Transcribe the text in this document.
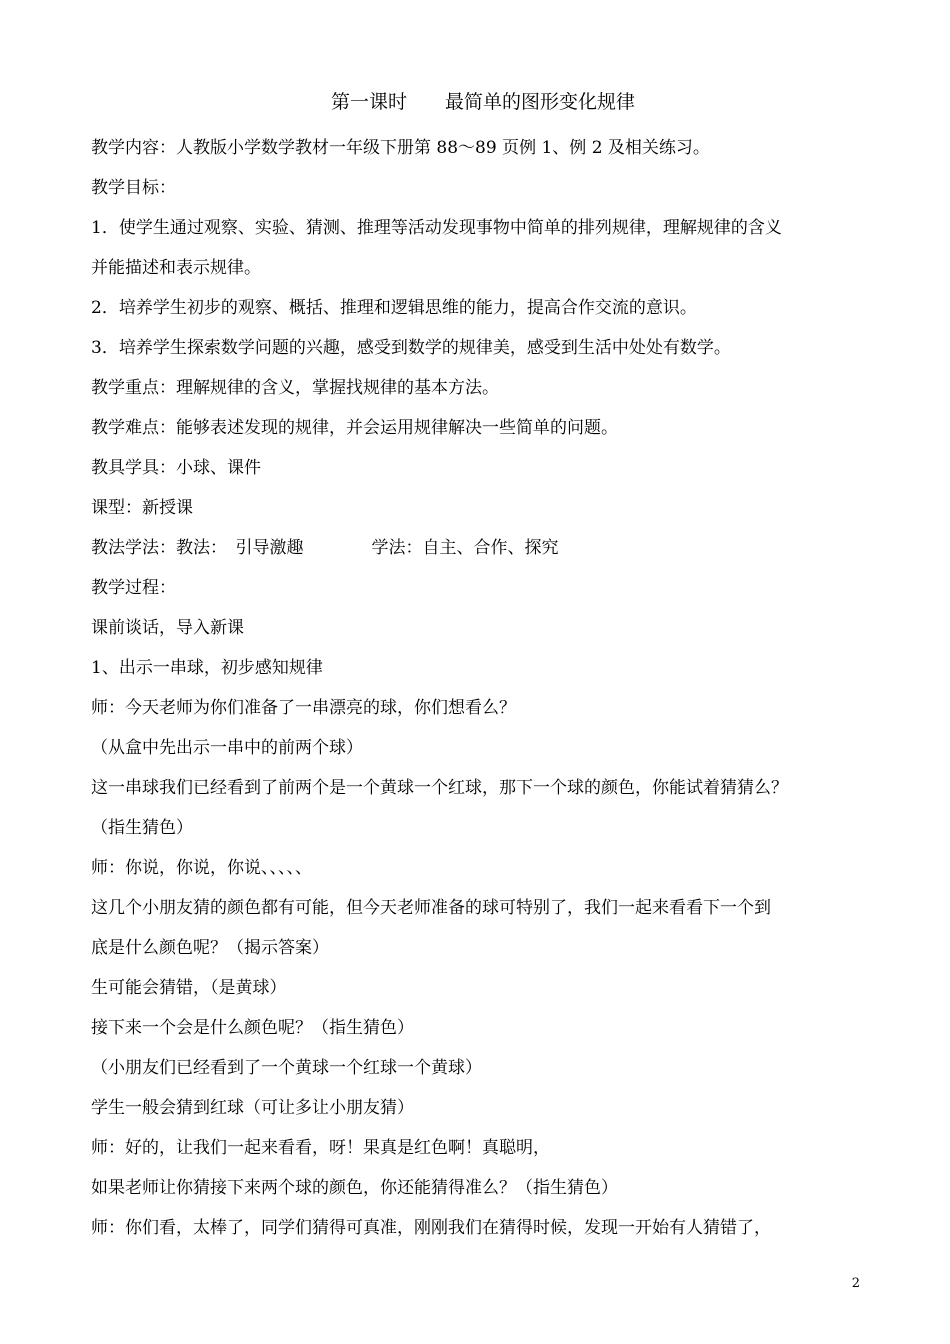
第一课时　　最简单的图形变化规律
教学内容：人教版小学数学教材一年级下册第 88～89 页例 1、例 2 及相关练习。
教学目标：
1．使学生通过观察、实验、猜测、推理等活动发现事物中简单的排列规律，理解规律的含义
并能描述和表示规律。
2．培养学生初步的观察、概括、推理和逻辑思维的能力，提高合作交流的意识。
3．培养学生探索数学问题的兴趣，感受到数学的规律美，感受到生活中处处有数学。
教学重点：理解规律的含义，掌握找规律的基本方法。
教学难点：能够表述发现的规律，并会运用规律解决一些简单的问题。
教具学具：小球、课件
课型：新授课
教法学法：教法：　引导激趣　　　　学法：自主、合作、探究
教学过程：
课前谈话，导入新课
1、出示一串球，初步感知规律
师：今天老师为你们准备了一串漂亮的球，你们想看么？
（从盒中先出示一串中的前两个球）
这一串球我们已经看到了前两个是一个黄球一个红球，那下一个球的颜色，你能试着猜猜么？
（指生猜色）
师：你说，你说，你说、、、、、
这几个小朋友猜的颜色都有可能，但今天老师准备的球可特别了，我们一起来看看下一个到
底是什么颜色呢？（揭示答案）
生可能会猜错，（是黄球）
接下来一个会是什么颜色呢？（指生猜色）
（小朋友们已经看到了一个黄球一个红球一个黄球）
学生一般会猜到红球（可让多让小朋友猜）
师：好的，让我们一起来看看，呀！果真是红色啊！真聪明，
如果老师让你猜接下来两个球的颜色，你还能猜得准么？（指生猜色）
师：你们看，太棒了，同学们猜得可真准，刚刚我们在猜得时候，发现一开始有人猜错了，
2
